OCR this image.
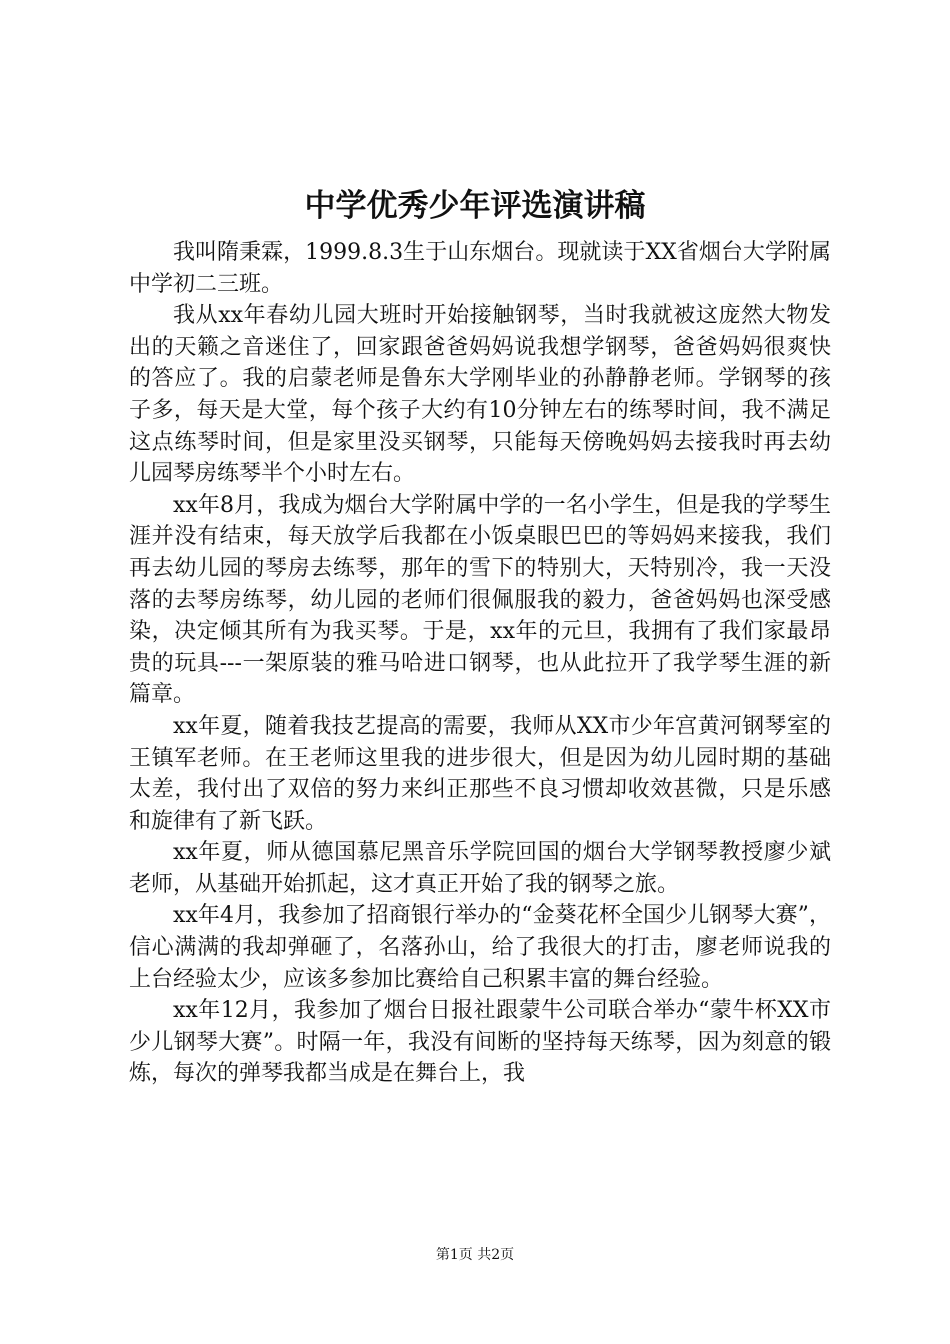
中学优秀少年评选演讲稿

我叫隋秉霖，1999.8.3生于山东烟台。现就读于XX省烟台大学附属中学初二三班。

我从xx年春幼儿园大班时开始接触钢琴，当时我就被这庞然大物发出的天籁之音迷住了，回家跟爸爸妈妈说我想学钢琴，爸爸妈妈很爽快的答应了。我的启蒙老师是鲁东大学刚毕业的孙静静老师。学钢琴的孩子多，每天是大堂，每个孩子大约有10分钟左右的练琴时间，我不满足这点练琴时间，但是家里没买钢琴，只能每天傍晚妈妈去接我时再去幼儿园琴房练琴半个小时左右。

xx年8月，我成为烟台大学附属中学的一名小学生，但是我的学琴生涯并没有结束，每天放学后我都在小饭桌眼巴巴的等妈妈来接我，我们再去幼儿园的琴房去练琴，那年的雪下的特别大，天特别冷，我一天没落的去琴房练琴，幼儿园的老师们很佩服我的毅力，爸爸妈妈也深受感染，决定倾其所有为我买琴。于是，xx年的元旦，我拥有了我们家最昂贵的玩具---一架原装的雅马哈进口钢琴，也从此拉开了我学琴生涯的新篇章。

xx年夏，随着我技艺提高的需要，我师从XX市少年宫黄河钢琴室的王镇军老师。在王老师这里我的进步很大，但是因为幼儿园时期的基础太差，我付出了双倍的努力来纠正那些不良习惯却收效甚微，只是乐感和旋律有了新飞跃。

xx年夏，师从德国慕尼黑音乐学院回国的烟台大学钢琴教授廖少斌老师，从基础开始抓起，这才真正开始了我的钢琴之旅。

xx年4月，我参加了招商银行举办的“金葵花杯全国少儿钢琴大赛”，信心满满的我却弹砸了，名落孙山，给了我很大的打击，廖老师说我的上台经验太少，应该多参加比赛给自己积累丰富的舞台经验。

xx年12月，我参加了烟台日报社跟蒙牛公司联合举办“蒙牛杯XX市少儿钢琴大赛”。时隔一年，我没有间断的坚持每天练琴，因为刻意的锻炼，每次的弹琴我都当成是在舞台上，我

第1页 共2页
